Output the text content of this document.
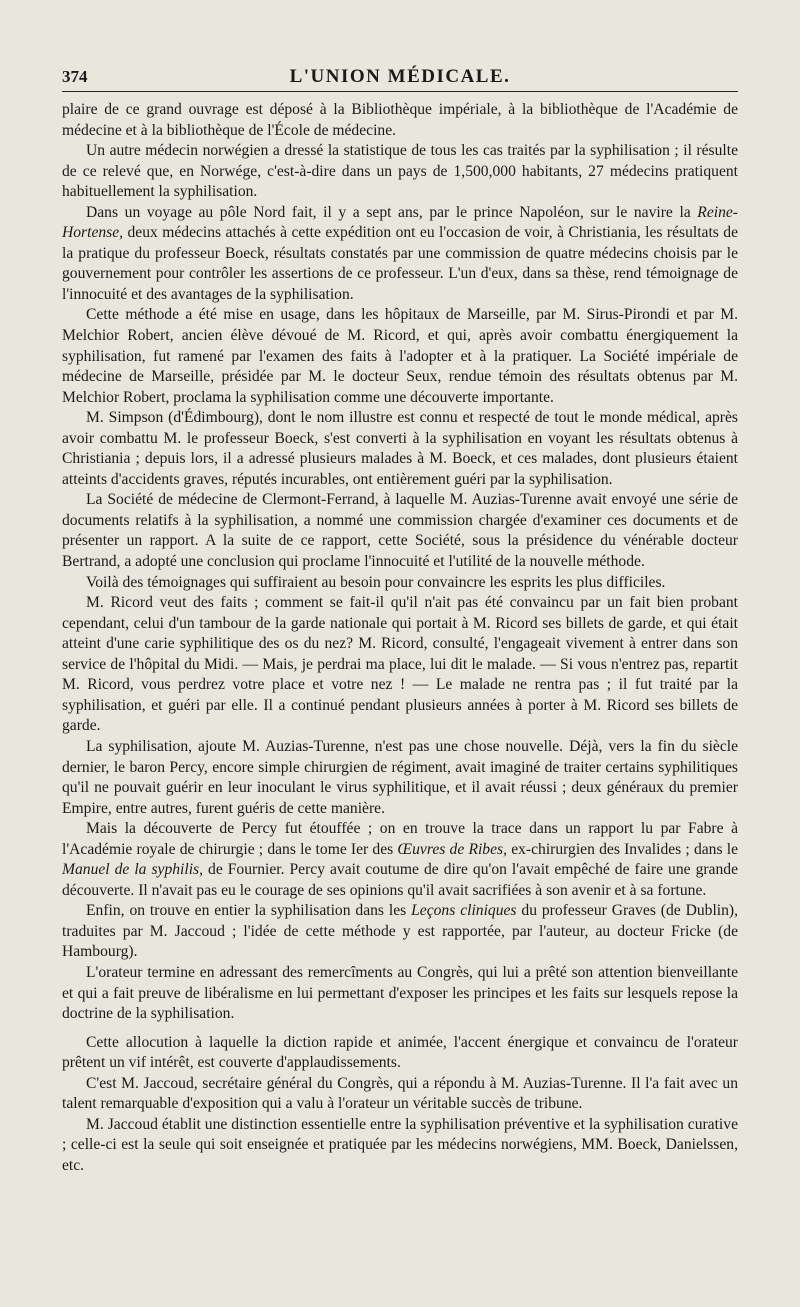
374	L'UNION MÉDICALE.

plaire de ce grand ouvrage est déposé à la Bibliothèque impériale, à la bibliothèque de l'Académie de médecine et à la bibliothèque de l'École de médecine.

Un autre médecin norwégien a dressé la statistique de tous les cas traités par la syphilisation ; il résulte de ce relevé que, en Norwége, c'est-à-dire dans un pays de 1,500,000 habitants, 27 médecins pratiquent habituellement la syphilisation.

Dans un voyage au pôle Nord fait, il y a sept ans, par le prince Napoléon, sur le navire la Reine-Hortense, deux médecins attachés à cette expédition ont eu l'occasion de voir, à Christiania, les résultats de la pratique du professeur Boeck, résultats constatés par une commission de quatre médecins choisis par le gouvernement pour contrôler les assertions de ce professeur. L'un d'eux, dans sa thèse, rend témoignage de l'innocuité et des avantages de la syphilisation.

Cette méthode a été mise en usage, dans les hôpitaux de Marseille, par M. Sirus-Pirondi et par M. Melchior Robert, ancien élève dévoué de M. Ricord, et qui, après avoir combattu énergiquement la syphilisation, fut ramené par l'examen des faits à l'adopter et à la pratiquer. La Société impériale de médecine de Marseille, présidée par M. le docteur Seux, rendue témoin des résultats obtenus par M. Melchior Robert, proclama la syphilisation comme une découverte importante.

M. Simpson (d'Édimbourg), dont le nom illustre est connu et respecté de tout le monde médical, après avoir combattu M. le professeur Boeck, s'est converti à la syphilisation en voyant les résultats obtenus à Christiania ; depuis lors, il a adressé plusieurs malades à M. Boeck, et ces malades, dont plusieurs étaient atteints d'accidents graves, réputés incurables, ont entièrement guéri par la syphilisation.

La Société de médecine de Clermont-Ferrand, à laquelle M. Auzias-Turenne avait envoyé une série de documents relatifs à la syphilisation, a nommé une commission chargée d'examiner ces documents et de présenter un rapport. A la suite de ce rapport, cette Société, sous la présidence du vénérable docteur Bertrand, a adopté une conclusion qui proclame l'innocuité et l'utilité de la nouvelle méthode.

Voilà des témoignages qui suffiraient au besoin pour convaincre les esprits les plus difficiles.

M. Ricord veut des faits ; comment se fait-il qu'il n'ait pas été convaincu par un fait bien probant cependant, celui d'un tambour de la garde nationale qui portait à M. Ricord ses billets de garde, et qui était atteint d'une carie syphilitique des os du nez? M. Ricord, consulté, l'engageait vivement à entrer dans son service de l'hôpital du Midi. — Mais, je perdrai ma place, lui dit le malade. — Si vous n'entrez pas, repartit M. Ricord, vous perdrez votre place et votre nez ! — Le malade ne rentra pas ; il fut traité par la syphilisation, et guéri par elle. Il a continué pendant plusieurs années à porter à M. Ricord ses billets de garde.

La syphilisation, ajoute M. Auzias-Turenne, n'est pas une chose nouvelle. Déjà, vers la fin du siècle dernier, le baron Percy, encore simple chirurgien de régiment, avait imaginé de traiter certains syphilitiques qu'il ne pouvait guérir en leur inoculant le virus syphilitique, et il avait réussi ; deux généraux du premier Empire, entre autres, furent guéris de cette manière.

Mais la découverte de Percy fut étouffée ; on en trouve la trace dans un rapport lu par Fabre à l'Académie royale de chirurgie ; dans le tome Ier des Œuvres de Ribes, ex-chirurgien des Invalides ; dans le Manuel de la syphilis, de Fournier. Percy avait coutume de dire qu'on l'avait empêché de faire une grande découverte. Il n'avait pas eu le courage de ses opinions qu'il avait sacrifiées à son avenir et à sa fortune.

Enfin, on trouve en entier la syphilisation dans les Leçons cliniques du professeur Graves (de Dublin), traduites par M. Jaccoud ; l'idée de cette méthode y est rapportée, par l'auteur, au docteur Fricke (de Hambourg).

L'orateur termine en adressant des remercîments au Congrès, qui lui a prêté son attention bienveillante et qui a fait preuve de libéralisme en lui permettant d'exposer les principes et les faits sur lesquels repose la doctrine de la syphilisation.

Cette allocution à laquelle la diction rapide et animée, l'accent énergique et convaincu de l'orateur prêtent un vif intérêt, est couverte d'applaudissements.

C'est M. Jaccoud, secrétaire général du Congrès, qui a répondu à M. Auzias-Turenne. Il l'a fait avec un talent remarquable d'exposition qui a valu à l'orateur un véritable succès de tribune.

M. Jaccoud établit une distinction essentielle entre la syphilisation préventive et la syphilisation curative ; celle-ci est la seule qui soit enseignée et pratiquée par les médecins norwégiens, MM. Boeck, Danielssen, etc.
